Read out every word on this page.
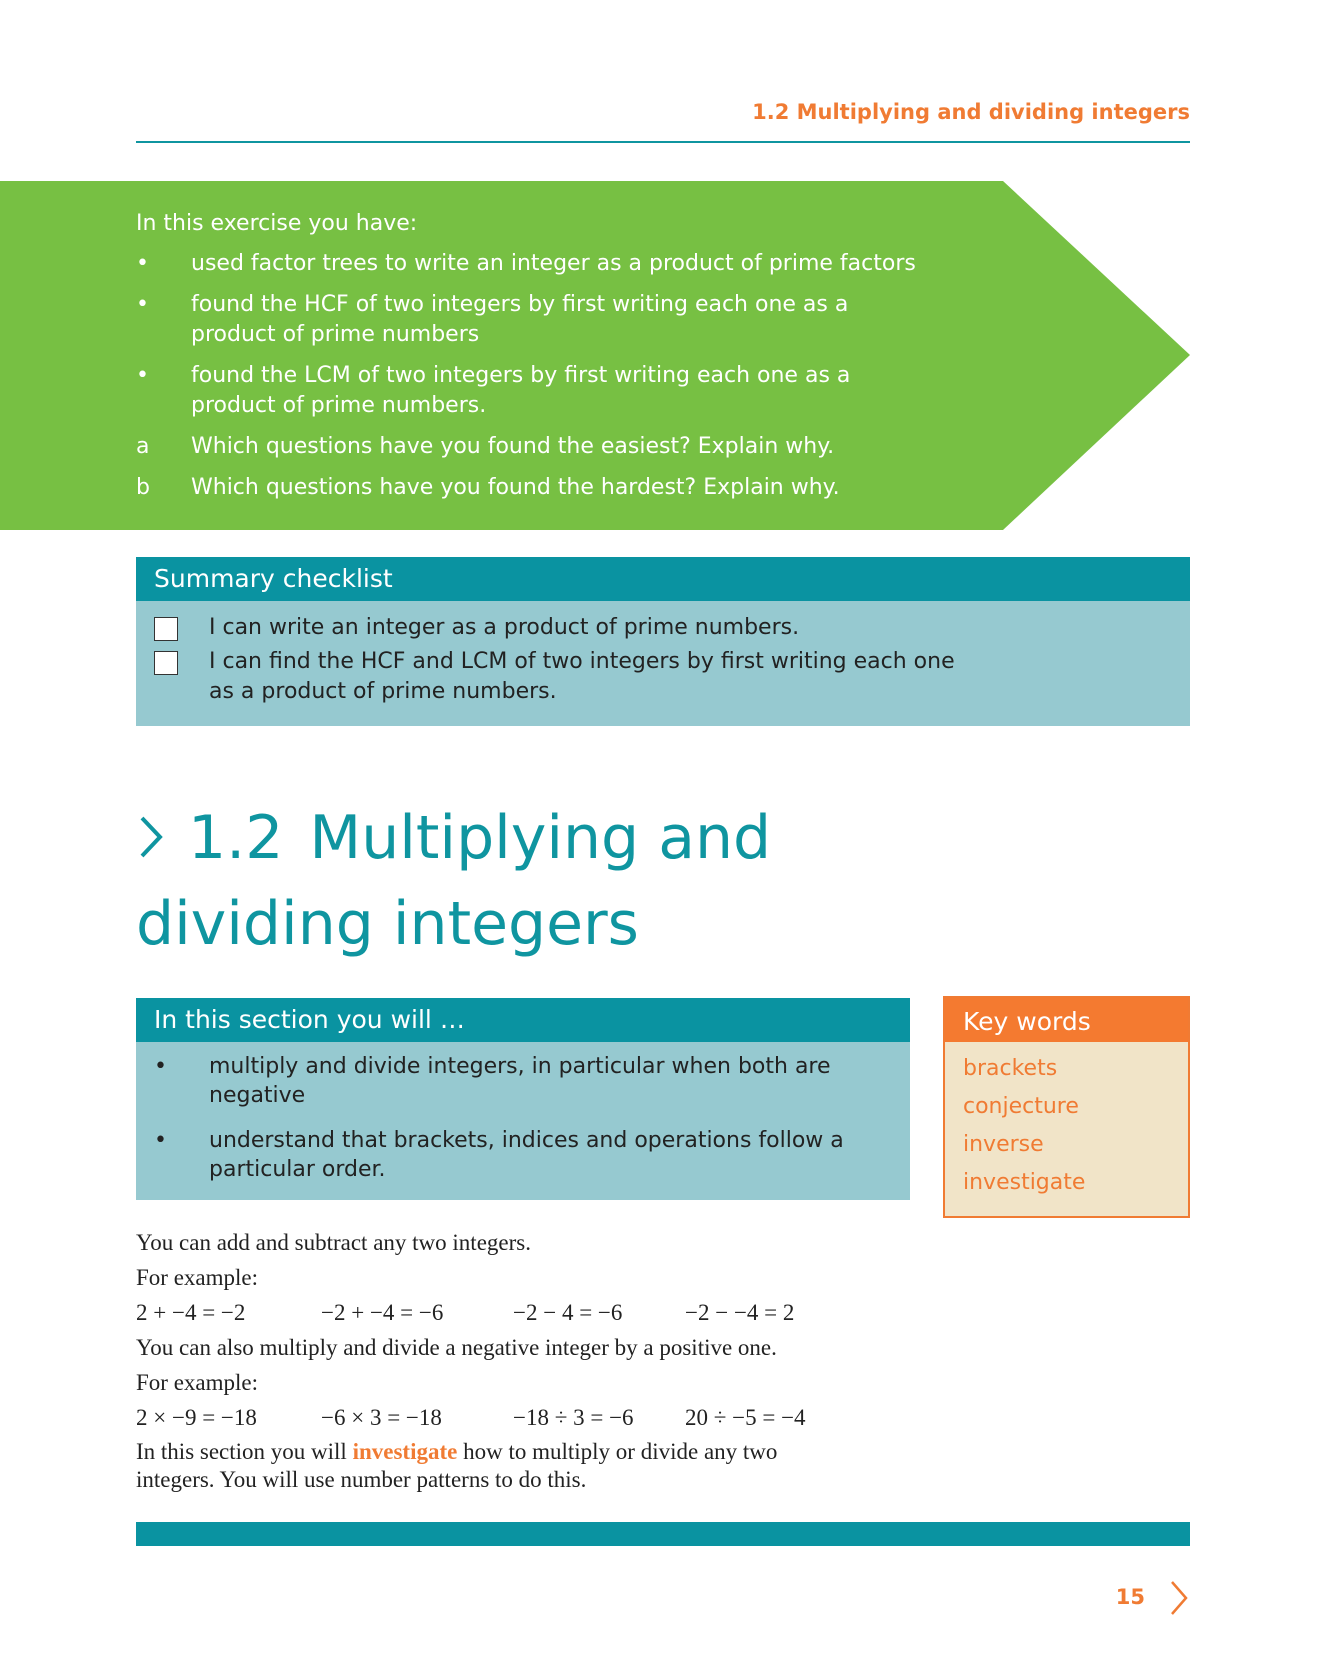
1.2 Multiplying and dividing integers
In this exercise you have:
•	used factor trees to write an integer as a product of prime factors
•	found the HCF of two integers by first writing each one as a product of prime numbers
•	found the LCM of two integers by first writing each one as a product of prime numbers.
a	Which questions have you found the easiest? Explain why.
b	Which questions have you found the hardest? Explain why.
Summary checklist
I can write an integer as a product of prime numbers.
I can find the HCF and LCM of two integers by first writing each one as a product of prime numbers.
1.2 Multiplying and
dividing integers
In this section you will …
• multiply and divide integers, in particular when both are negative
• understand that brackets, indices and operations follow a particular order.
Key words
brackets
conjecture
inverse
investigate

You can add and subtract any two integers.

For example:

2 + −4 = −2	−2 + −4 = −6	−2 − 4 = −6	−2 − −4 = 2

You can also multiply and divide a negative integer by a positive one.

For example:

2 × −9 = −18	−6 × 3 = −18	−18 ÷ 3 = −6	20 ÷ −5 = −4

In this section you will investigate how to multiply or divide any two integers. You will use number patterns to do this.

15
